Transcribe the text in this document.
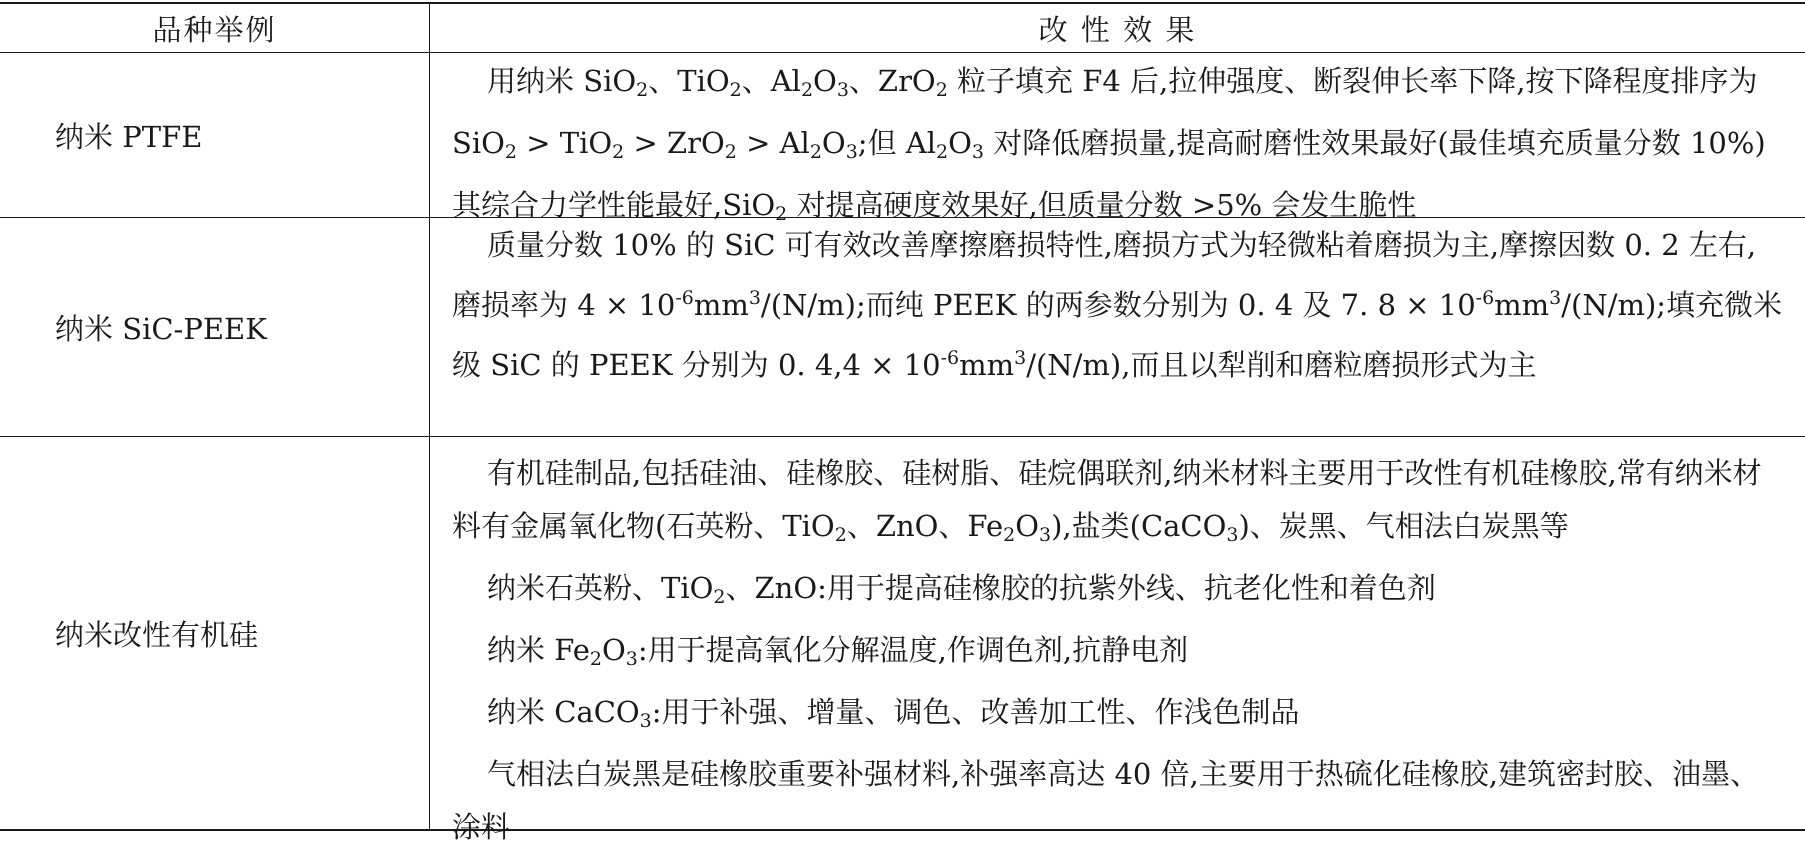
品种举例	改 性 效 果
纳米 PTFE

用纳米 SiO$_2$、TiO$_2$、$Al_2O_3$、ZrO$_2$ 粒子填充 F4 后,拉伸强度、断裂伸长率下降,按下降程度排序为 $SiO_2 > TiO_2 > ZrO_2 > Al_2O_3$;但 $Al_2O_3$ 对降低磨损量,提高耐磨性效果最好(最佳填充质量分数 10%)其综合力学性能最好,SiO$_2$ 对提高硬度效果好,但质量分数 >5% 会发生脆性

纳米 SiC-PEEK

质量分数 10% 的 SiC 可有效改善摩擦磨损特性,磨损方式为轻微粘着磨损为主,摩擦因数 0. 2 左右,磨损率为 $4 \times 10^{-6}mm^3/(N/m)$;而纯 PEEK 的两参数分别为 0. 4 及 7. $8 \times 10^{-6}mm^3/(N/m)$;填充微米级 SiC 的 PEEK 分别为 0. $4,4 \times 10^{-6}mm^3/(N/m)$,而且以犁削和磨粒磨损形式为主

纳米改性有机硅

有机硅制品,包括硅油、硅橡胶、硅树脂、硅烷偶联剂,纳米材料主要用于改性有机硅橡胶,常有纳米材料有金属氧化物(石英粉、TiO$_2$、ZnO、$Fe_2O_3$),盐类(CaCO$_3$)、炭黑、气相法白炭黑等

纳米石英粉、TiO$_2$、ZnO:用于提高硅橡胶的抗紫外线、抗老化性和着色剂

纳米 $Fe_2O_3$:用于提高氧化分解温度,作调色剂,抗静电剂

纳米 CaCO$_3$:用于补强、增量、调色、改善加工性、作浅色制品

气相法白炭黑是硅橡胶重要补强材料,补强率高达 40 倍,主要用于热硫化硅橡胶,建筑密封胶、油墨、涂料
